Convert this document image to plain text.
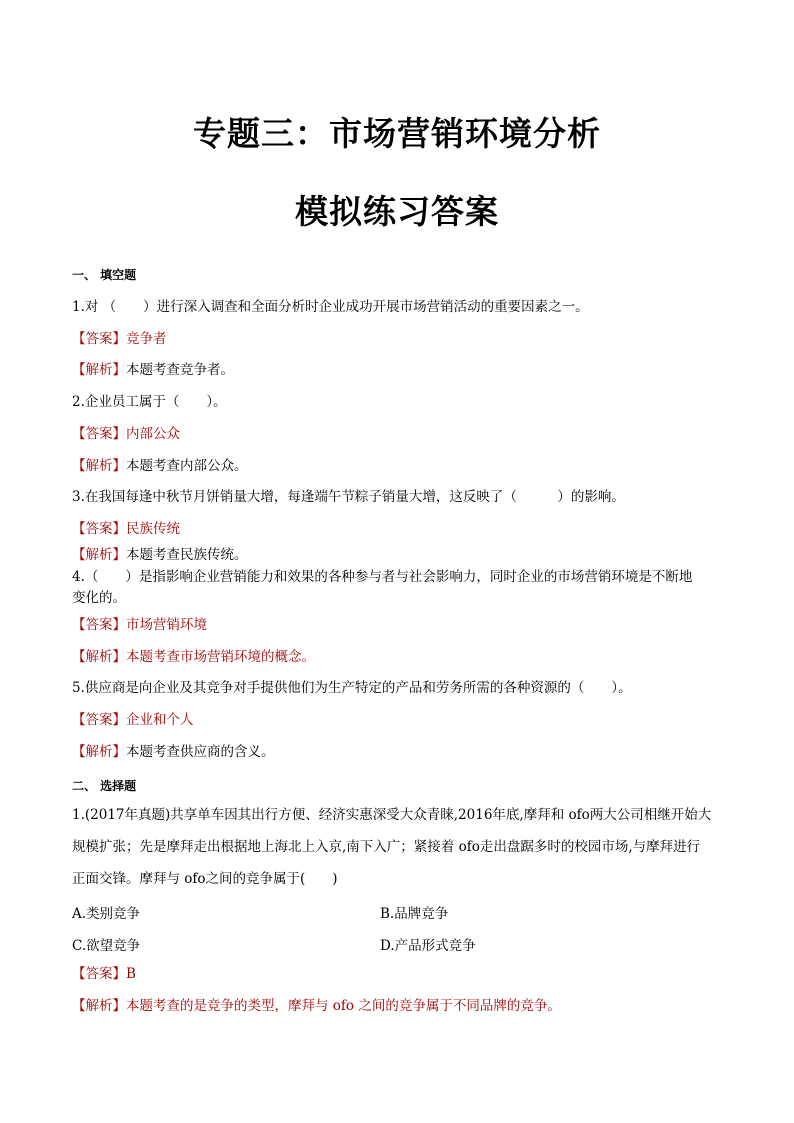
专题三：市场营销环境分析
模拟练习答案
一、 填空题
1.对 （　　）进行深入调查和全面分析时企业成功开展市场营销活动的重要因素之一。
【答案】竞争者
【解析】本题考查竞争者。
2.企业员工属于（　　）。
【答案】内部公众
【解析】本题考查内部公众。
3.在我国每逢中秋节月饼销量大增，每逢端午节粽子销量大增，这反映了（　　　）的影响。
【答案】民族传统
【解析】本题考查民族传统。
4.（　　）是指影响企业营销能力和效果的各种参与者与社会影响力，同时企业的市场营销环境是不断地
变化的。
【答案】市场营销环境
【解析】本题考查市场营销环境的概念。
5.供应商是向企业及其竞争对手提供他们为生产特定的产品和劳务所需的各种资源的（　　）。
【答案】企业和个人
【解析】本题考查供应商的含义。
二、 选择题
1.(2017年真题)共享单车因其出行方便、经济实惠深受大众青睐,2016年底,摩拜和 ofo两大公司相继开始大
规模扩张；先是摩拜走出根据地上海北上入京,南下入广；紧接着 ofo走出盘踞多时的校园市场,与摩拜进行
正面交锋。摩拜与 ofo之间的竞争属于(　　)
A.类别竞争	B.品牌竞争
C.欲望竞争	D.产品形式竞争
【答案】B
【解析】本题考查的是竞争的类型，摩拜与 ofo 之间的竞争属于不同品牌的竞争。
